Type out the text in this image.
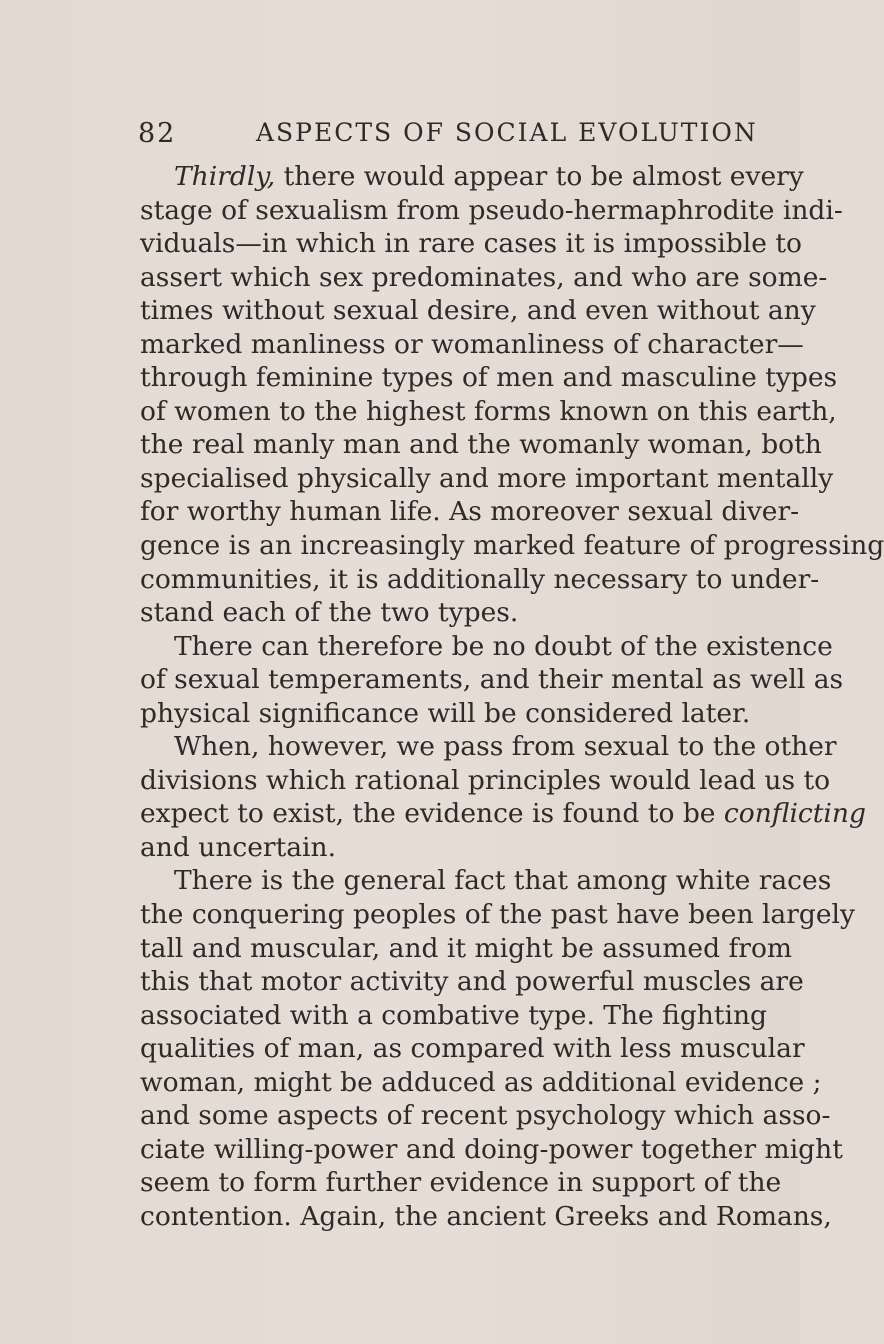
82	ASPECTS OF SOCIAL EVOLUTION
Thirdly, there would appear to be almost every
stage of sexualism from pseudo-hermaphrodite indi-
viduals—in which in rare cases it is impossible to
assert which sex predominates, and who are some-
times without sexual desire, and even without any
marked manliness or womanliness of character—
through feminine types of men and masculine types
of women to the highest forms known on this earth,
the real manly man and the womanly woman, both
specialised physically and more important mentally
for worthy human life. As moreover sexual diver-
gence is an increasingly marked feature of progressing
communities, it is additionally necessary to under-
stand each of the two types.
There can therefore be no doubt of the existence
of sexual temperaments, and their mental as well as
physical significance will be considered later.
When, however, we pass from sexual to the other
divisions which rational principles would lead us to
expect to exist, the evidence is found to be conflicting
and uncertain.
There is the general fact that among white races
the conquering peoples of the past have been largely
tall and muscular, and it might be assumed from
this that motor activity and powerful muscles are
associated with a combative type. The fighting
qualities of man, as compared with less muscular
woman, might be adduced as additional evidence ;
and some aspects of recent psychology which asso-
ciate willing-power and doing-power together might
seem to form further evidence in support of the
contention. Again, the ancient Greeks and Romans,
